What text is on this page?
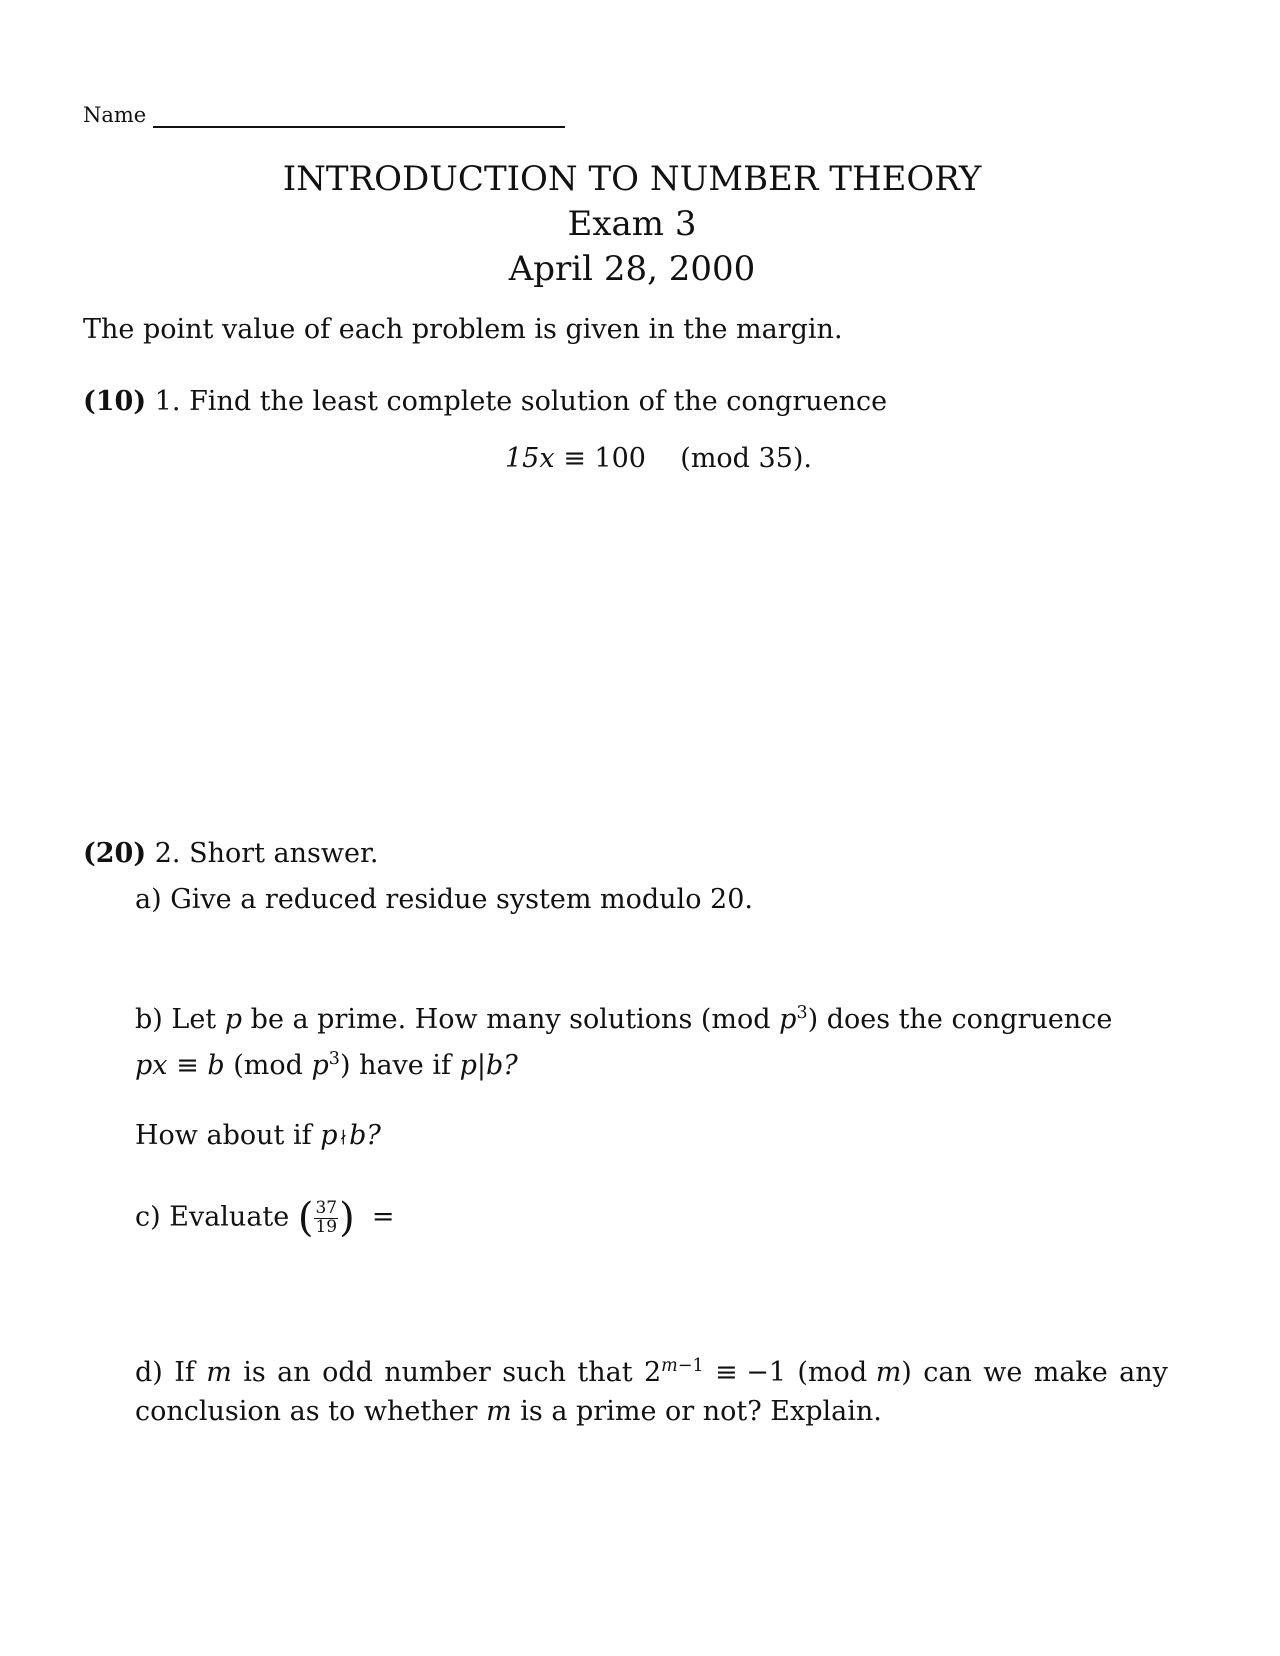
Name
INTRODUCTION TO NUMBER THEORY
Exam 3
April 28, 2000
The point value of each problem is given in the margin.
(10) 1. Find the least complete solution of the congruence
15x ≡ 100 (mod 35).
(20) 2. Short answer.
a) Give a reduced residue system modulo 20.
b) Let p be a prime. How many solutions (mod $p^3$) does the congruence
px ≡ b (mod $p^3$) have if p|b?
How about if p ∤b?
c) Evaluate ( $\frac{37}{19}$ ) =
d) If m is an odd number such that $2^{m-1} \equiv -1$ (mod m) can we make any
conclusion as to whether m is a prime or not? Explain.
